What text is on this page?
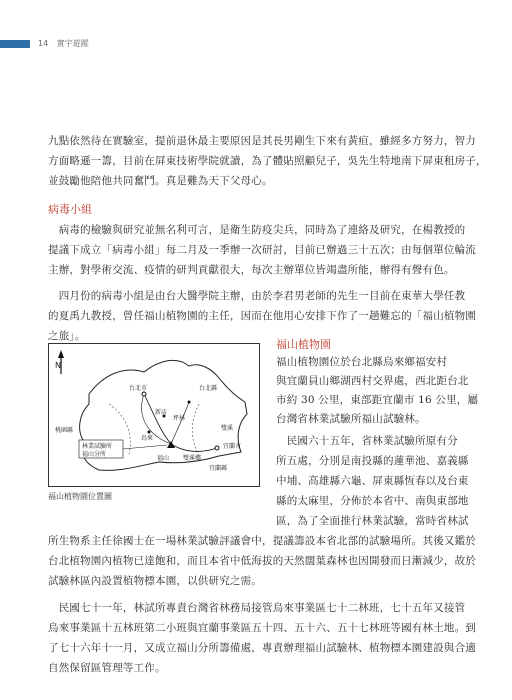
14 實宇遊蹤
九點依然待在實驗室，提前退休最主要原因是其長男剛生下來有黃疸，雖經多方努力，智力
方面略遜一籌，目前在屏東技術學院就讀，為了體貼照顧兒子，吳先生特地南下屏東租房子，
並鼓勵他陪他共同奮鬥。真是難為天下父母心。
病毒小組
　病毒的檢驗與研究並無名利可言，是衛生防疫尖兵，同時為了連絡及研究，在楊教授的
提議下成立「病毒小組」每二月及一季辦一次研討，目前已辦過三十五次；由每個單位輪流
主辦，對學術交流、疫情的研判貢獻很大，每次主辦單位皆竭盡所能，辦得有聲有色。
　四月份的病毒小組是由台大醫學院主辦，由於李君男老師的先生一目前在東華大學任教
的夏禹九教授，曾任福山植物園的主任，因而在他用心安排下作了一趟難忘的「福山植物園
之旅」。
N
台北市	台北縣
新店
坪林
烏來
桃園縣
林業試驗所
福山分所
福山
宜蘭市
宜蘭縣
雙溪
雙溪鄉
福山植物園位置圖
福山植物園
福山植物園位於台北縣烏來鄉福安村
與宜蘭員山鄉湖西村交界處，西北距台北
市約 30 公里，東部距宜蘭市 16 公里，屬
台灣省林業試驗所福山試驗林。
　民國六十五年，省林業試驗所原有分
所五處，分別是南投縣的蓮華池、嘉義縣
中埔、高雄縣六龜、屏東縣恆春以及台東
縣的太麻里，分佈於本省中、南與東部地
區，為了全面推行林業試驗，當時省林試
所生物系主任徐國士在一場林業試驗評議會中，提議籌設本省北部的試驗場所。其後又鑑於
台北植物園內植物已達飽和，而且本省中低海拔的天然闊葉森林也因開發而日漸減少，故於
試驗林區內設置植物標本園，以供研究之需。
　民國七十一年，林試所專責台灣省林務局接管烏來事業區七十二林班，七十五年又接管
烏來事業區十五林班第二小班與宜蘭事業區五十四、五十六、五十七林班等國有林土地。到
了七十六年十一月，又成立福山分所籌備處，專責辦理福山試驗林、植物標本園建設與合適
自然保留區管理等工作。
